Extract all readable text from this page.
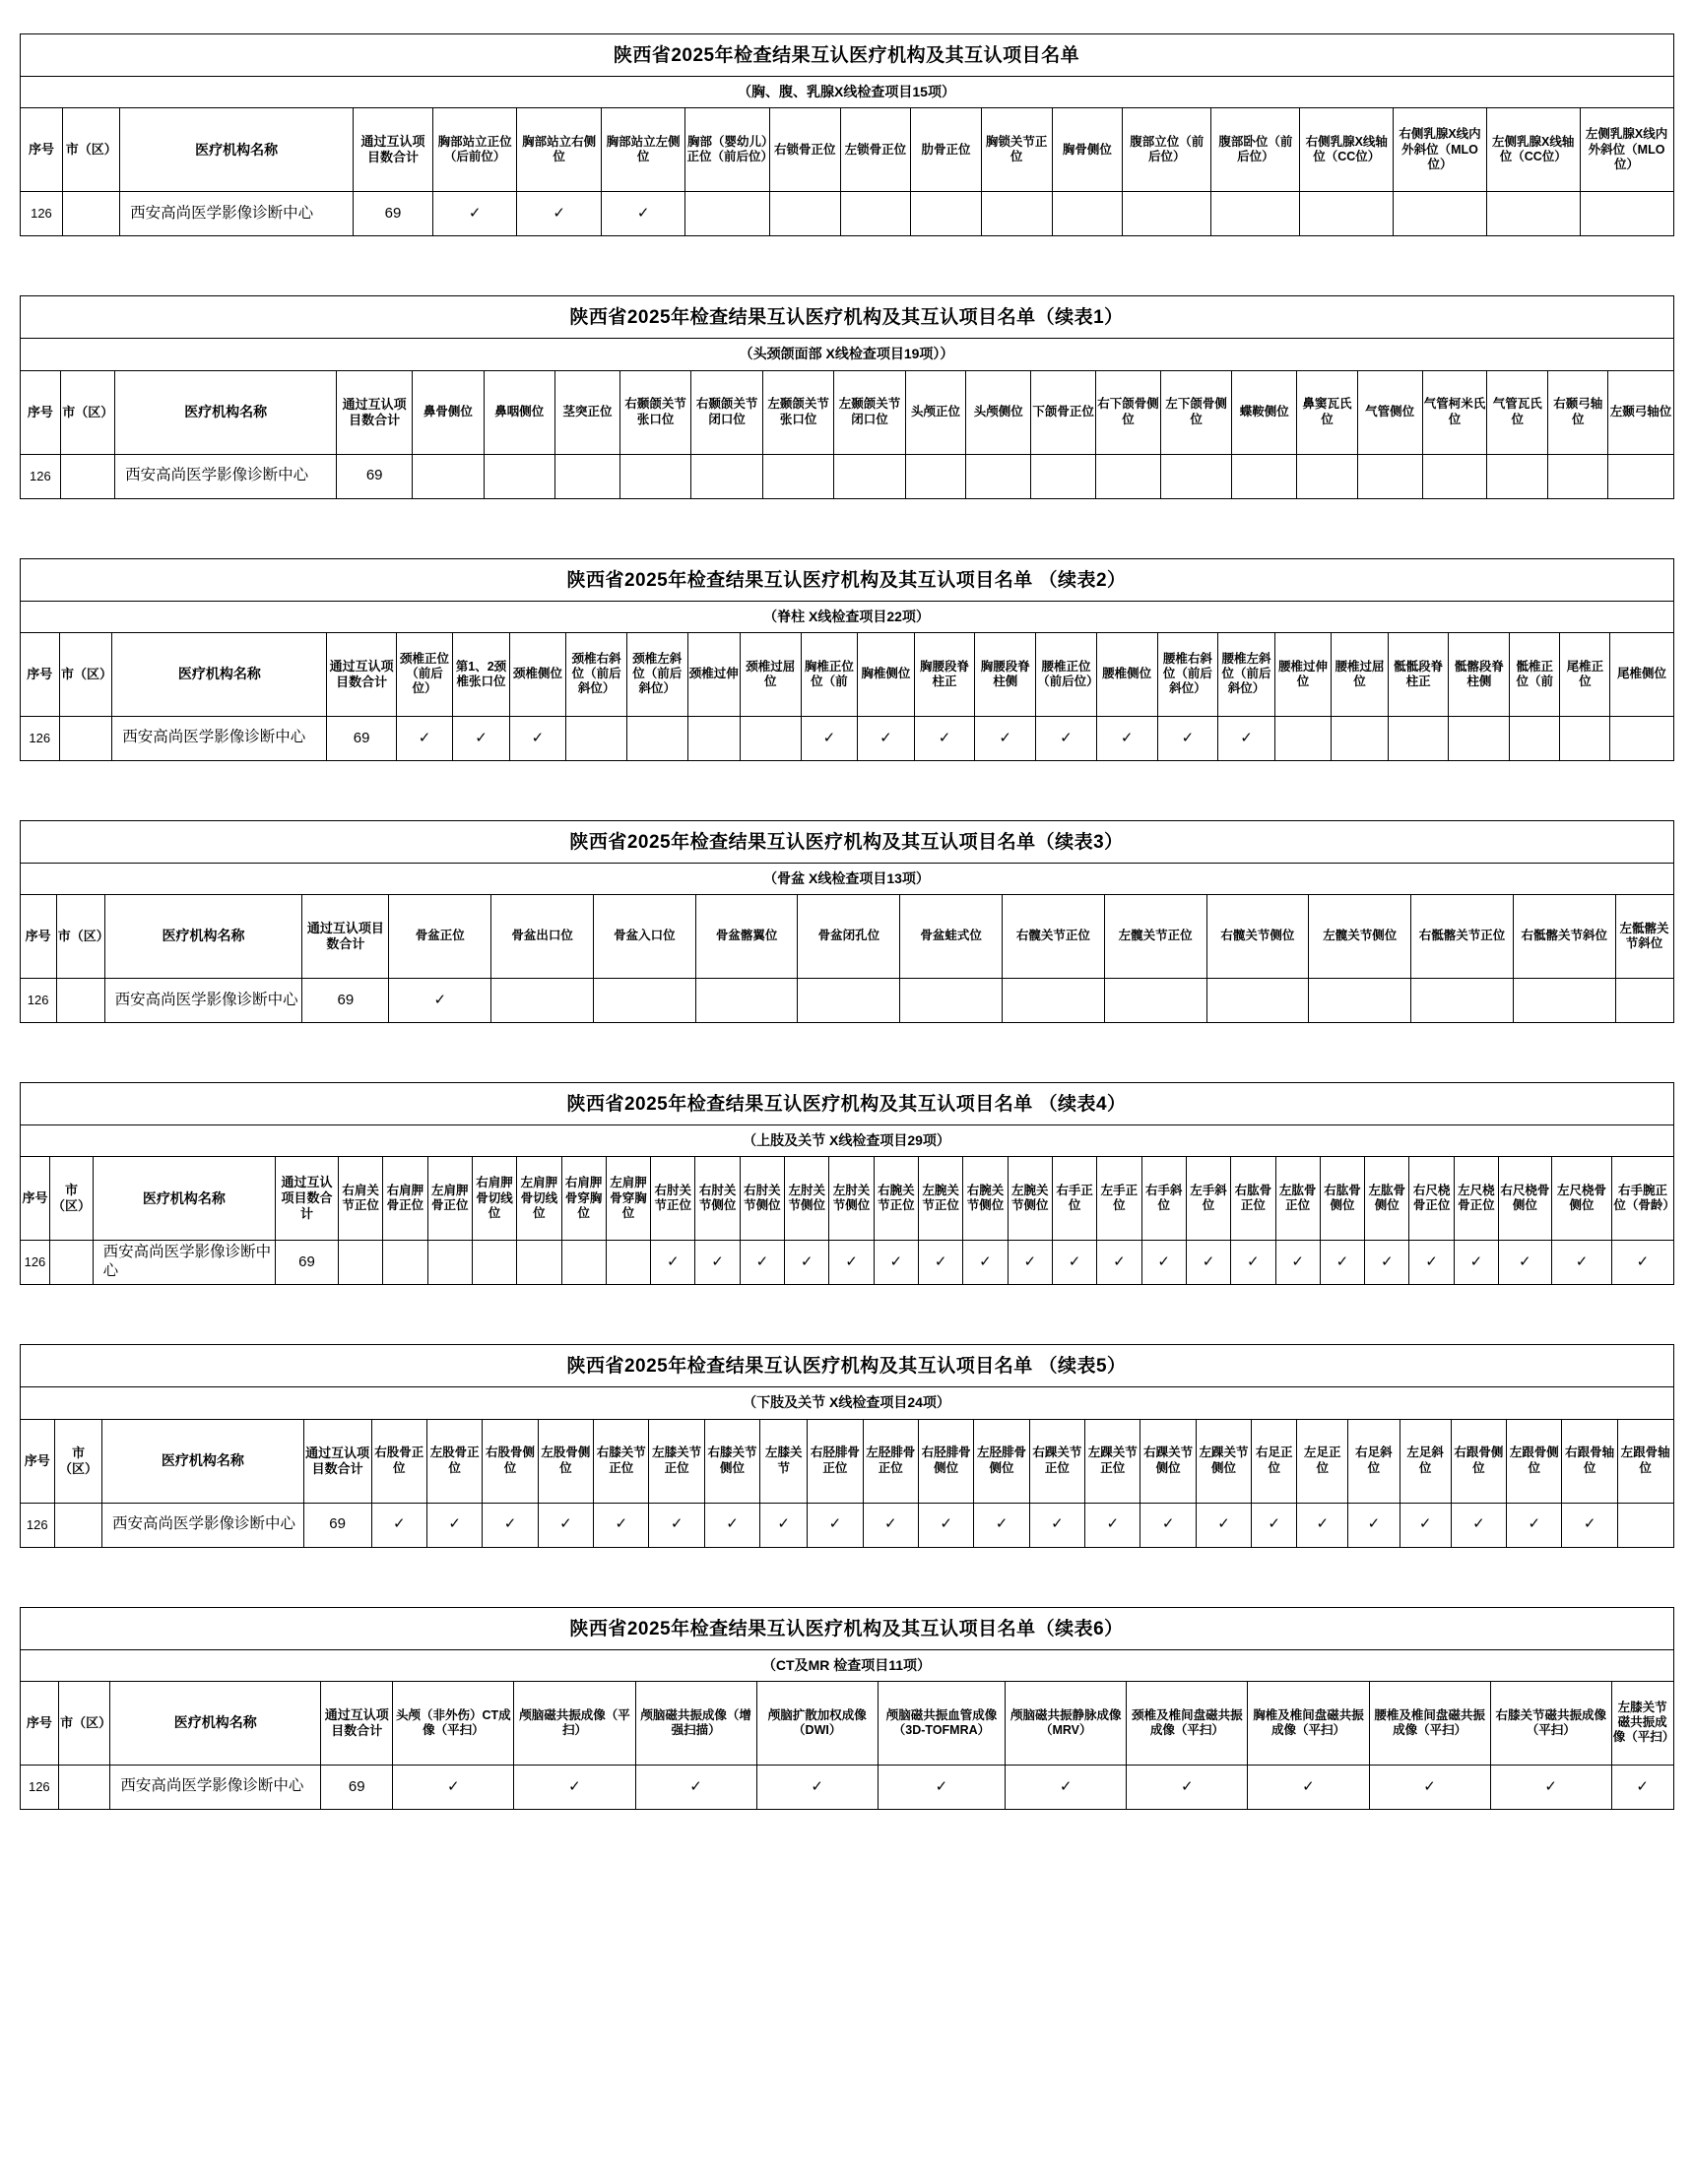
陕西省2025年检查结果互认医疗机构及其互认项目名单																		
（胸、腹、乳腺X线检查项目15项）																		
序号	市（区）	医疗机构名称	通过互认项目数合计	胸部站立正位（后前位）	胸部站立右侧位	胸部站立左侧位	胸部（婴幼儿）正位（前后位）	右锁骨正位	左锁骨正位	肋骨正位	胸锁关节正位	胸骨侧位	腹部立位（前后位）	腹部卧位（前后位）	右侧乳腺X线轴位（CC位）	右侧乳腺X线内外斜位（MLO位）	左侧乳腺X线轴位（CC位）	左侧乳腺X线内外斜位（MLO位）
126		西安高尚医学影像诊断中心	69	✓	✓	✓												
陕西省2025年检查结果互认医疗机构及其互认项目名单（续表1）																						
（头颈颌面部 X线检查项目19项））																						
序号	市（区）	医疗机构名称	通过互认项目数合计	鼻骨侧位	鼻咽侧位	茎突正位	右颞颌关节张口位	右颞颌关节闭口位	左颞颌关节张口位	左颞颌关节闭口位	头颅正位	头颅侧位	下颌骨正位	右下颌骨侧位	左下颌骨侧位	蝶鞍侧位	鼻窦瓦氏位	气管侧位	气管柯米氏位	气管瓦氏位	右颞弓轴位	左颞弓轴位
126		西安高尚医学影像诊断中心	69																			
陕西省2025年检查结果互认医疗机构及其互认项目名单 （续表2）																									
（脊柱 X线检查项目22项）																									
序号	市（区）	医疗机构名称	通过互认项目数合计	颈椎正位（前后位）	第1、2颈椎张口位	颈椎侧位	颈椎右斜位（前后斜位）	颈椎左斜位（前后斜位）	颈椎过伸	颈椎过屈位	胸椎正位位（前	胸椎侧位	胸腰段脊柱正	胸腰段脊柱侧	腰椎正位（前后位）	腰椎侧位	腰椎右斜位（前后斜位）	腰椎左斜位（前后斜位）	腰椎过伸位	腰椎过屈位	骶骶段脊柱正	骶髂段脊柱侧	骶椎正位（前	尾椎正位	尾椎侧位
126		西安高尚医学影像诊断中心	69	✓	✓	✓					✓	✓	✓	✓	✓	✓	✓	✓							
陕西省2025年检查结果互认医疗机构及其互认项目名单（续表3）																
（骨盆 X线检查项目13项）																
序号	市（区）	医疗机构名称	通过互认项目数合计	骨盆正位	骨盆出口位	骨盆入口位	骨盆髂翼位	骨盆闭孔位	骨盆蛙式位	右髋关节正位	左髋关节正位	右髋关节侧位	左髋关节侧位	右骶髂关节正位	右骶髂关节斜位	左骶髂关节斜位
126		西安高尚医学影像诊断中心	69	✓												
陕西省2025年检查结果互认医疗机构及其互认项目名单 （续表4）																																
（上肢及关节 X线检查项目29项）																																
序号	市（区）	医疗机构名称	通过互认项目数合计	右肩关节正位	右肩胛骨正位	左肩胛骨正位	右肩胛骨切线位	左肩胛骨切线位	右肩胛骨穿胸位	左肩胛骨穿胸位	右肘关节正位	右肘关节侧位	右肘关节侧位	左肘关节侧位	左肘关节侧位	右腕关节正位	左腕关节正位	右腕关节侧位	左腕关节侧位	右手正位	左手正位	右手斜位	左手斜位	右肱骨正位	左肱骨正位	右肱骨侧位	左肱骨侧位	右尺桡骨正位	左尺桡骨正位	右尺桡骨侧位	左尺桡骨侧位	右手腕正位（骨龄）
126		西安高尚医学影像诊断中心	69								✓	✓	✓	✓	✓	✓	✓	✓	✓	✓	✓	✓	✓	✓	✓	✓	✓	✓	✓	✓	✓	✓
陕西省2025年检查结果互认医疗机构及其互认项目名单 （续表5）																											
（下肢及关节 X线检查项目24项）																											
序号	市（区）	医疗机构名称	通过互认项目数合计	右股骨正位	左股骨正位	右股骨侧位	左股骨侧位	右膝关节正位	左膝关节正位	右膝关节侧位	左膝关节	右胫腓骨正位	左胫腓骨正位	右胫腓骨侧位	左胫腓骨侧位	右踝关节正位	左踝关节正位	右踝关节侧位	左踝关节侧位	右足正位	左足正位	右足斜位	左足斜位	右跟骨侧位	左跟骨侧位	右跟骨轴位	左跟骨轴位
126		西安高尚医学影像诊断中心	69	✓	✓	✓	✓	✓	✓	✓	✓	✓	✓	✓	✓	✓	✓	✓	✓	✓	✓	✓	✓	✓	✓	✓	
陕西省2025年检查结果互认医疗机构及其互认项目名单（续表6）														
（CT及MR 检查项目11项）														
序号	市（区）	医疗机构名称	通过互认项目数合计	头颅（非外伤）CT成像（平扫）	颅脑磁共振成像（平扫）	颅脑磁共振成像（增强扫描）	颅脑扩散加权成像（DWI）	颅脑磁共振血管成像（3D-TOFMRA）	颅脑磁共振静脉成像（MRV）	颈椎及椎间盘磁共振成像（平扫）	胸椎及椎间盘磁共振成像（平扫）	腰椎及椎间盘磁共振成像（平扫）	右膝关节磁共振成像（平扫）	左膝关节磁共振成像（平扫）
126		西安高尚医学影像诊断中心	69	✓	✓	✓	✓	✓	✓	✓	✓	✓	✓	✓
